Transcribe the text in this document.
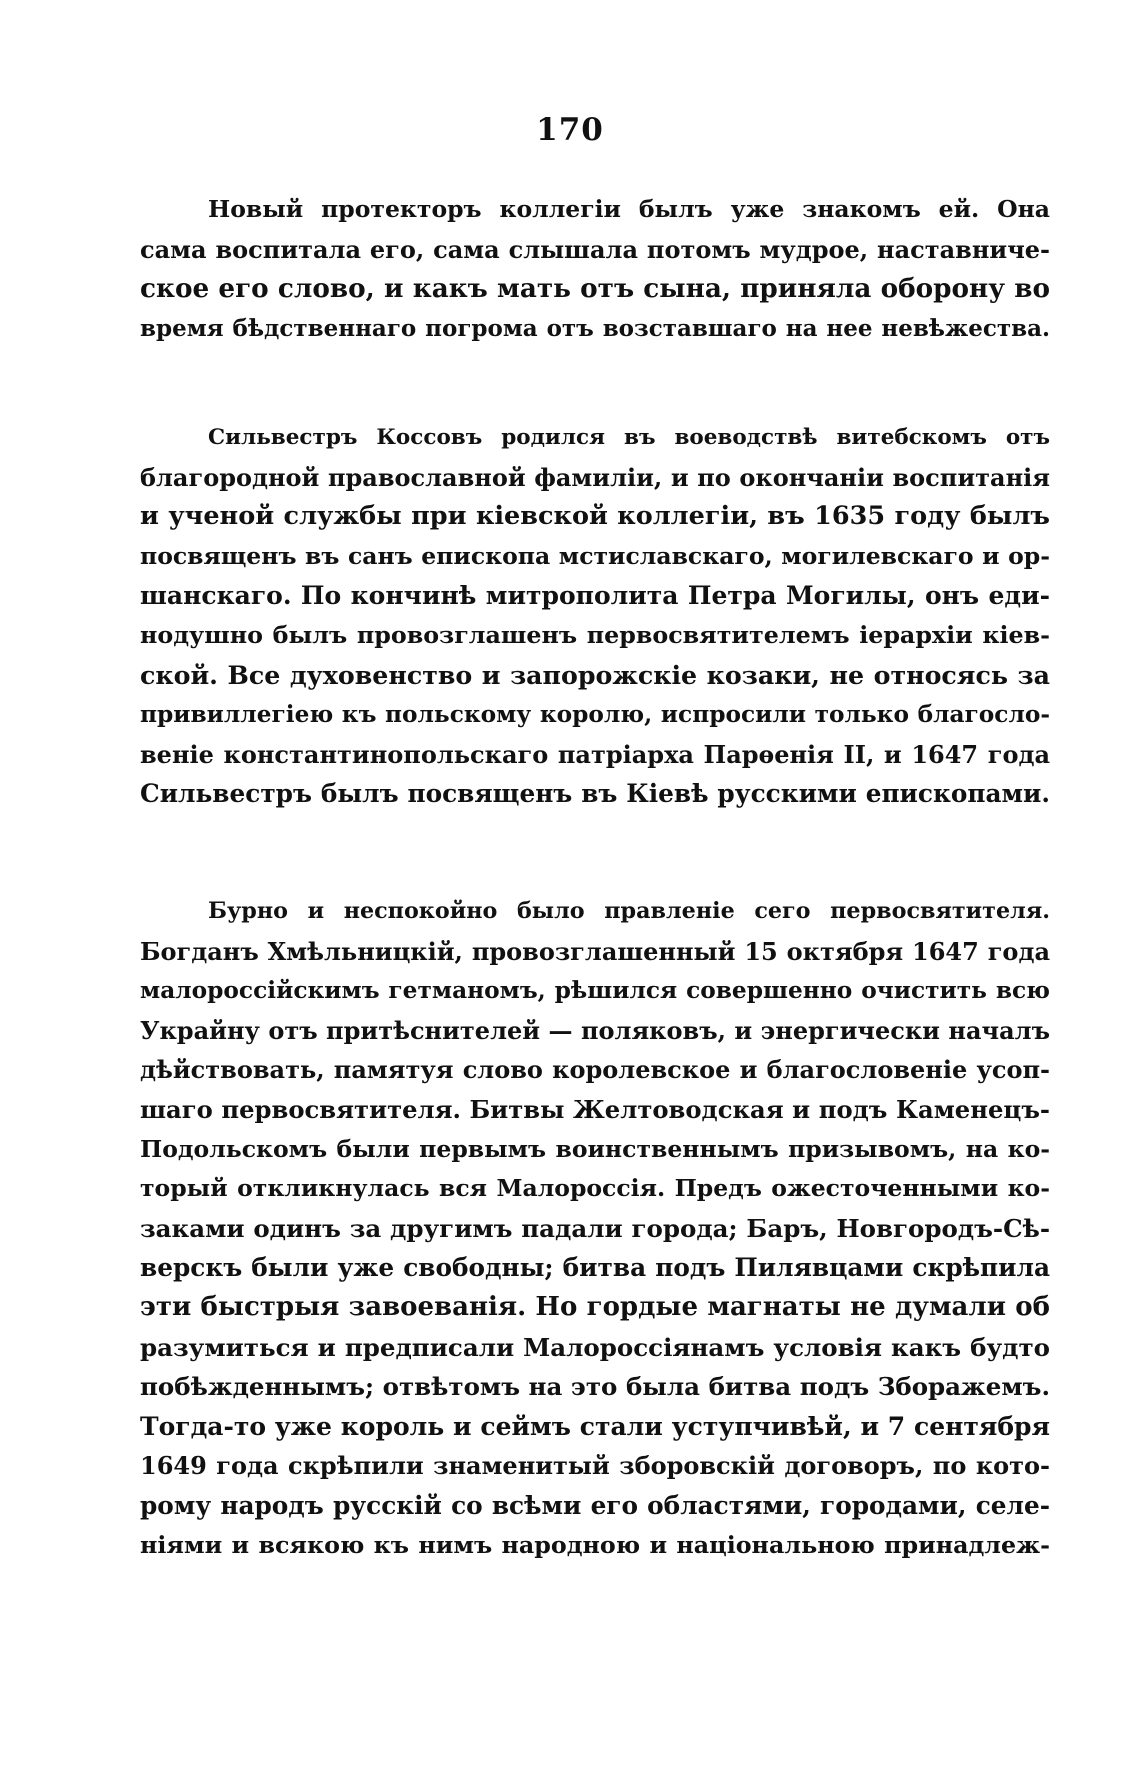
170

Новый протекторъ коллегіи былъ уже знакомъ ей. Она
сама воспитала его, сама слышала потомъ мудрое, наставниче-
ское его слово, и какъ мать отъ сына, приняла оборону во
время бѣдственнаго погрома отъ возставшаго на нее невѣжества.

Сильвестръ Коссовъ родился въ воеводствѣ витебскомъ отъ
благородной православной фамиліи, и по окончаніи воспитанія
и ученой службы при кіевской коллегіи, въ 1635 году былъ
посвященъ въ санъ епископа мстиславскаго, могилевскаго и ор-
шанскаго. По кончинѣ митрополита Петра Могилы, онъ еди-
нодушно былъ провозглашенъ первосвятителемъ іерархіи кiев-
ской. Все духовенство и запорожскіе козаки, не относясь за
привиллегіею къ польскому королю, испросили только благосло-
веніе константинопольскаго патріарха Парѳенія II, и 1647 года
Сильвестръ былъ посвященъ въ Кіевѣ русскими епископами.

Бурно и неспокойно было правленіе сего первосвятителя.
Богданъ Хмѣльницкій, провозглашенный 15 октября 1647 года
малороссійскимъ гетманомъ, рѣшился совершенно очистить всю
Украйну отъ притѣснителей — поляковъ, и энергически началъ
дѣйствовать, памятуя слово королевское и благословеніе усоп-
шаго первосвятителя. Битвы Желтоводская и подъ Каменецъ-
Подольскомъ были первымъ воинственнымъ призывомъ, на ко-
торый откликнулась вся Малороссія. Предъ ожесточенными ко-
заками одинъ за другимъ падали города; Баръ, Новгородъ-Сѣ-
верскъ были уже свободны; битва подъ Пилявцами скрѣпила
эти быстрыя завоеванія. Но гордые магнаты не думали об
разумиться и предписали Малороссіянамъ условія какъ будто
побѣжденнымъ; отвѣтомъ на это была битва подъ Зборажемъ.
Тогда-то уже король и сеймъ стали уступчивѣй, и 7 сентября
1649 года скрѣпили знаменитый зборовскій договоръ, по кото-
рому народъ русскій со всѣми его областями, городами, селе-
ніями и всякою къ нимъ народною и національною принадлеж-
